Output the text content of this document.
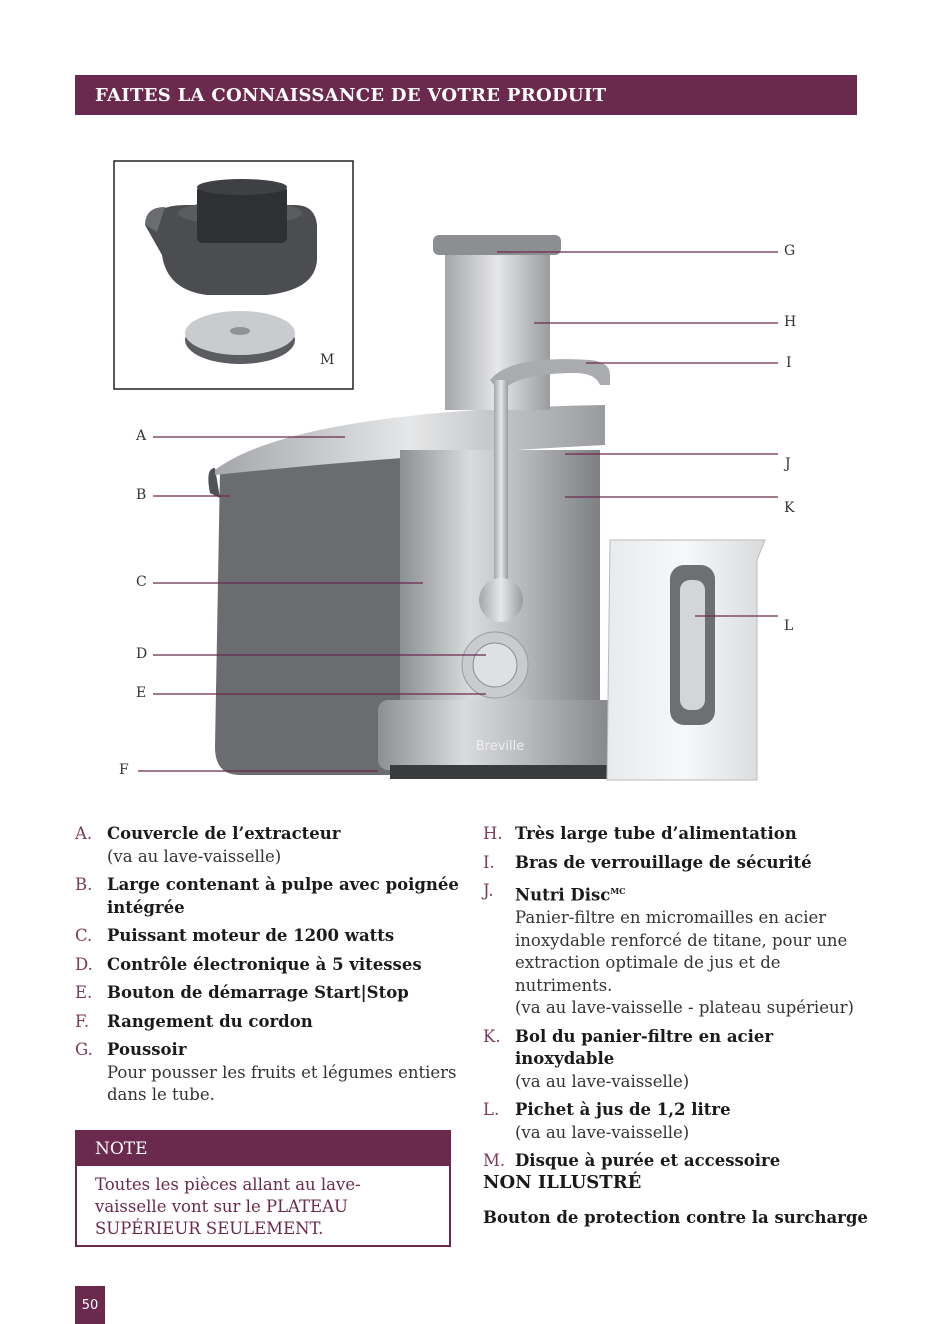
FAITES LA CONNAISSANCE DE VOTRE PRODUIT
Breville
M
A
B
C
D
E
F
G
H
I
J
K
L
A. Couvercle de l’extracteur
(va au lave-vaisselle)
B. Large contenant à pulpe avec poignée intégrée
C. Puissant moteur de 1200 watts
D. Contrôle électronique à 5 vitesses
E. Bouton de démarrage Start|Stop
F.	Rangement du cordon
G. Poussoir
Pour pousser les fruits et légumes entiers dans le tube.
H. Très large tube d’alimentation
I.	Bras de verrouillage de sécurité
J.	Nutri Disc$^{MC}$
Panier-filtre en micromailles en acier inoxydable renforcé de titane, pour une extraction optimale de jus et de nutriments.
(va au lave-vaisselle - plateau supérieur)
K. Bol du panier-filtre en acier inoxydable
(va au lave-vaisselle)
L. Pichet à jus de 1,2 litre
(va au lave-vaisselle)
M. Disque à purée et accessoire
NOTE
Toutes les pièces allant au lave-vaisselle vont sur le PLATEAU SUPÉRIEUR SEULEMENT.
NON ILLUSTRÉ
Bouton de protection contre la surcharge
50
